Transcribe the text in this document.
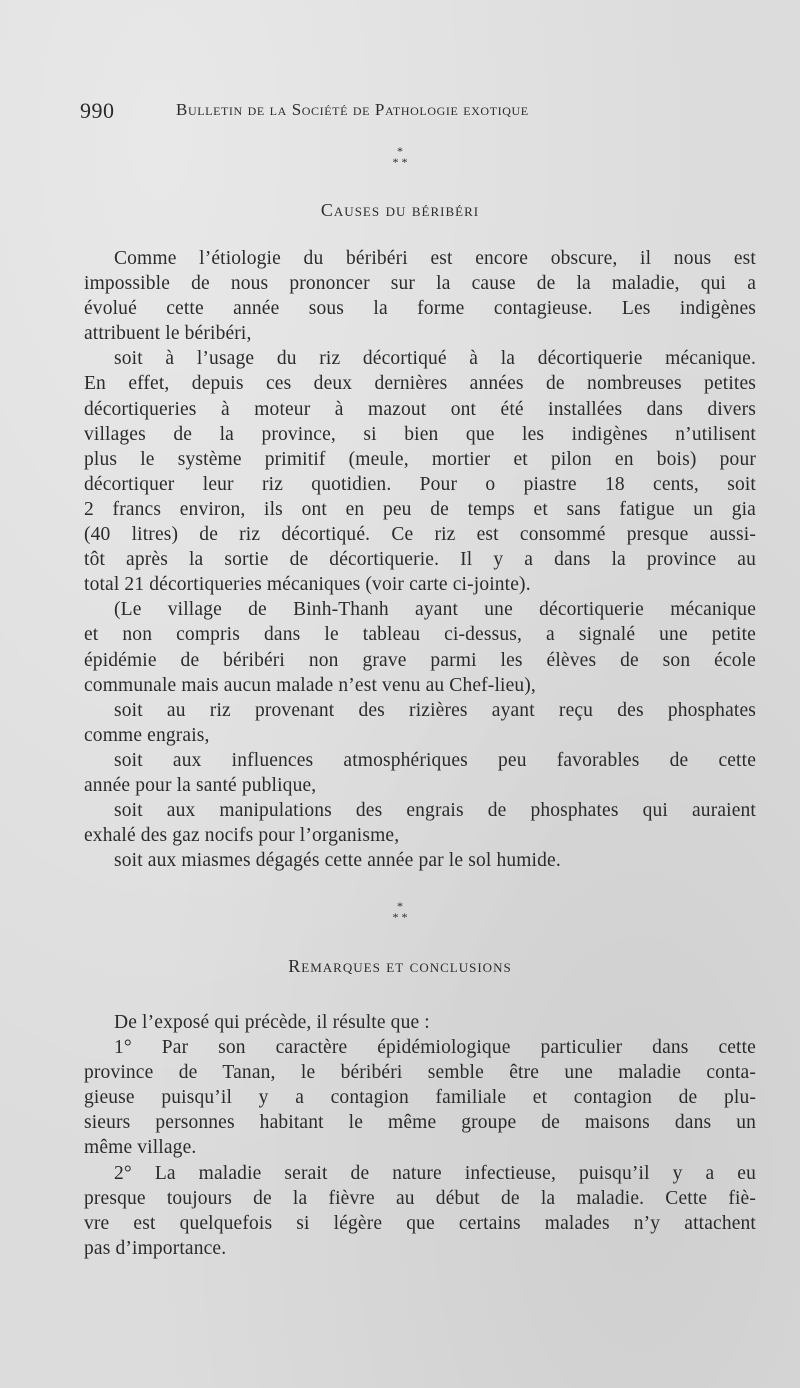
990	Bulletin de la Société de Pathologie exotique
*
* *
Causes du béribéri
Comme l’étiologie du béribéri est encore obscure, il nous est
impossible de nous prononcer sur la cause de la maladie, qui a
évolué cette année sous la forme contagieuse. Les indigènes
attribuent le béribéri,
soit à l’usage du riz décortiqué à la décortiquerie mécanique.
En effet, depuis ces deux dernières années de nombreuses petites
décortiqueries à moteur à mazout ont été installées dans divers
villages de la province, si bien que les indigènes n’utilisent
plus le système primitif (meule, mortier et pilon en bois) pour
décortiquer leur riz quotidien. Pour o piastre 18 cents, soit
2 francs environ, ils ont en peu de temps et sans fatigue un gia
(40 litres) de riz décortiqué. Ce riz est consommé presque aussi-
tôt après la sortie de décortiquerie. Il y a dans la province au
total 21 décortiqueries mécaniques (voir carte ci-jointe).
(Le village de Binh-Thanh ayant une décortiquerie mécanique
et non compris dans le tableau ci-dessus, a signalé une petite
épidémie de béribéri non grave parmi les élèves de son école
communale mais aucun malade n’est venu au Chef-lieu),
soit au riz provenant des rizières ayant reçu des phosphates
comme engrais,
soit aux influences atmosphériques peu favorables de cette
année pour la santé publique,
soit aux manipulations des engrais de phosphates qui auraient
exhalé des gaz nocifs pour l’organisme,
soit aux miasmes dégagés cette année par le sol humide.
*
* *
Remarques et conclusions
De l’exposé qui précède, il résulte que :
1° Par son caractère épidémiologique particulier dans cette
province de Tanan, le béribéri semble être une maladie conta-
gieuse puisqu’il y a contagion familiale et contagion de plu-
sieurs personnes habitant le même groupe de maisons dans un
même village.
2° La maladie serait de nature infectieuse, puisqu’il y a eu
presque toujours de la fièvre au début de la maladie. Cette fiè-
vre est quelquefois si légère que certains malades n’y attachent
pas d’importance.
